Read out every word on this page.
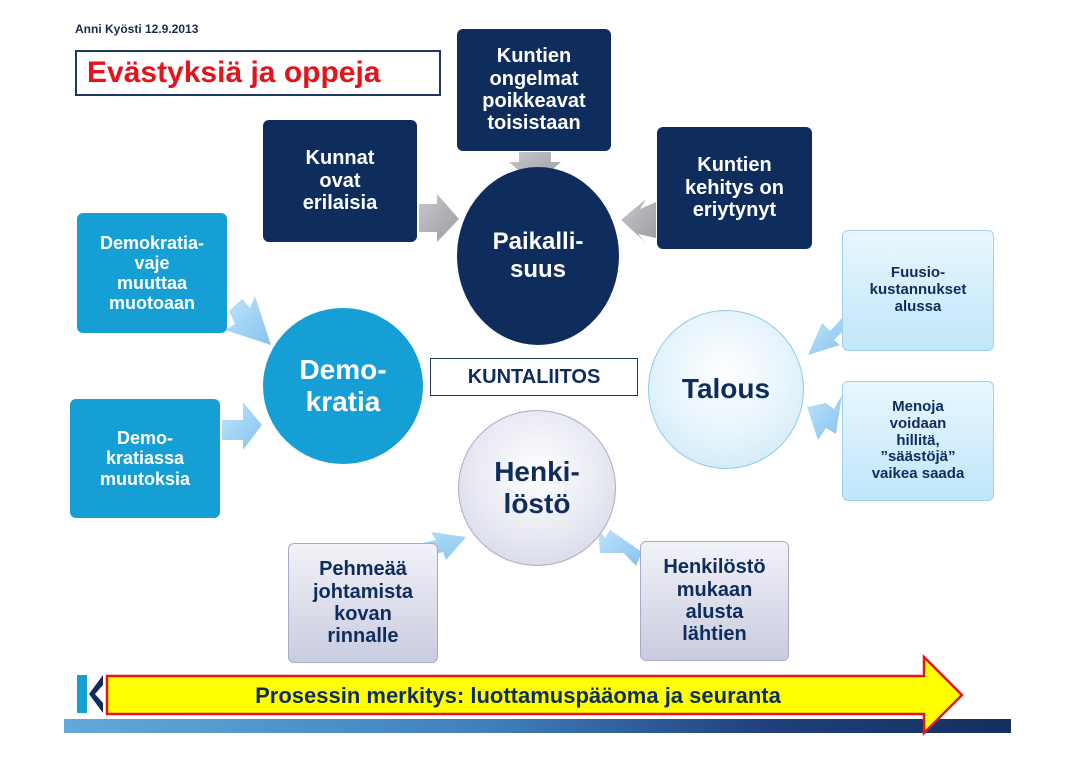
Anni Kyösti 12.9.2013
Evästyksiä ja oppeja
Kunnat
ovat
erilaisia
Kuntien
ongelmat
poikkeavat
toisistaan
Kuntien
kehitys on
eriytynyt
Demokratia-
vaje
muuttaa
muotoaan
Demo-
kratiassa
muutoksia
Fuusio-
kustannukset
alussa
Menoja
voidaan
hillitä,
”säästöjä”
vaikea saada
Pehmeää
johtamista
kovan
rinnalle
Henkilöstö
mukaan
alusta
lähtien
Paikalli-
suus
Demo-
kratia	Talous
Henki-
löstö
KUNTALIITOS
Prosessin merkitys: luottamuspääoma ja seuranta
